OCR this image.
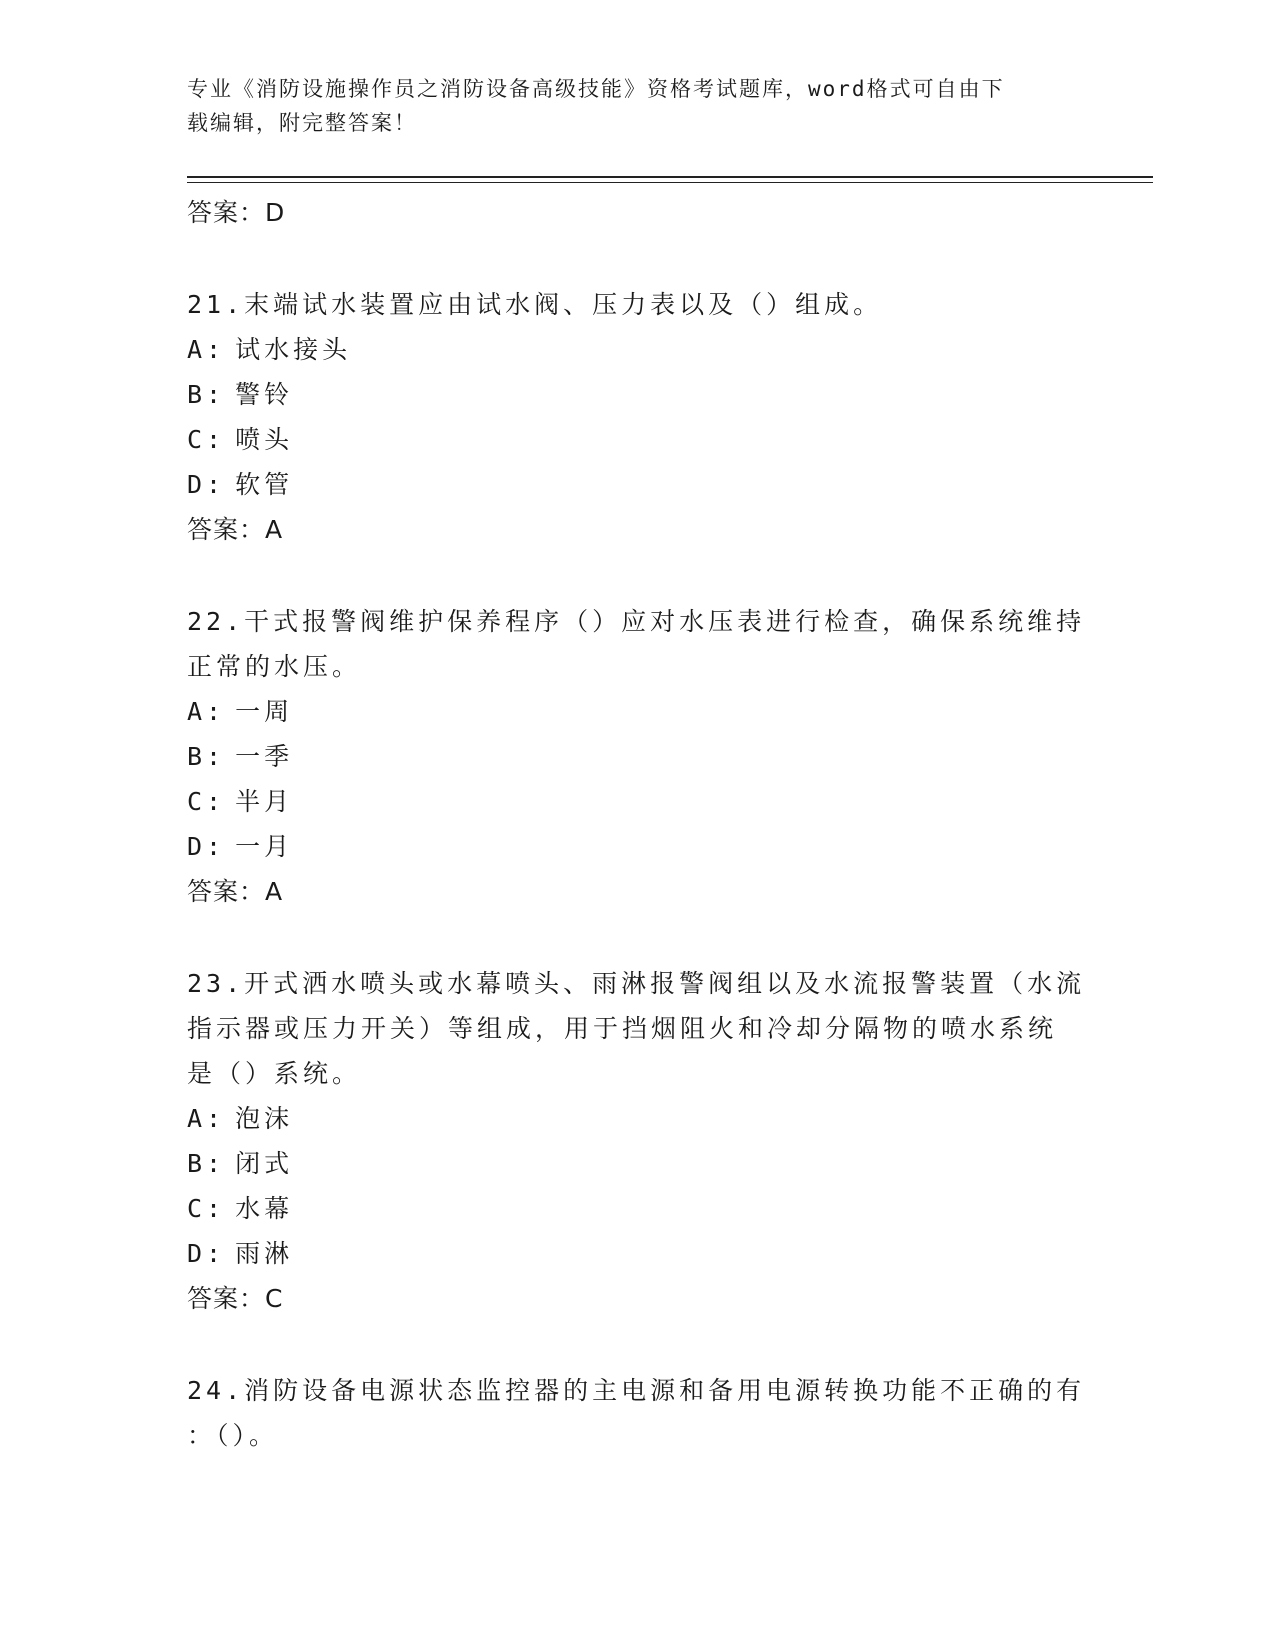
专业《消防设施操作员之消防设备高级技能》资格考试题库，word格式可自由下
载编辑，附完整答案！
答案：D
21.末端试水装置应由试水阀、压力表以及（）组成。
A: 试水接头
B: 警铃
C: 喷头
D: 软管
答案：A
22.干式报警阀维护保养程序（）应对水压表进行检查，确保系统维持
正常的水压。
A: 一周
B: 一季
C: 半月
D: 一月
答案：A
23.开式洒水喷头或水幕喷头、雨淋报警阀组以及水流报警装置（水流
指示器或压力开关）等组成，用于挡烟阻火和冷却分隔物的喷水系统
是（）系统。
A: 泡沫
B: 闭式
C: 水幕
D: 雨淋
答案：C
24.消防设备电源状态监控器的主电源和备用电源转换功能不正确的有
：（）。
